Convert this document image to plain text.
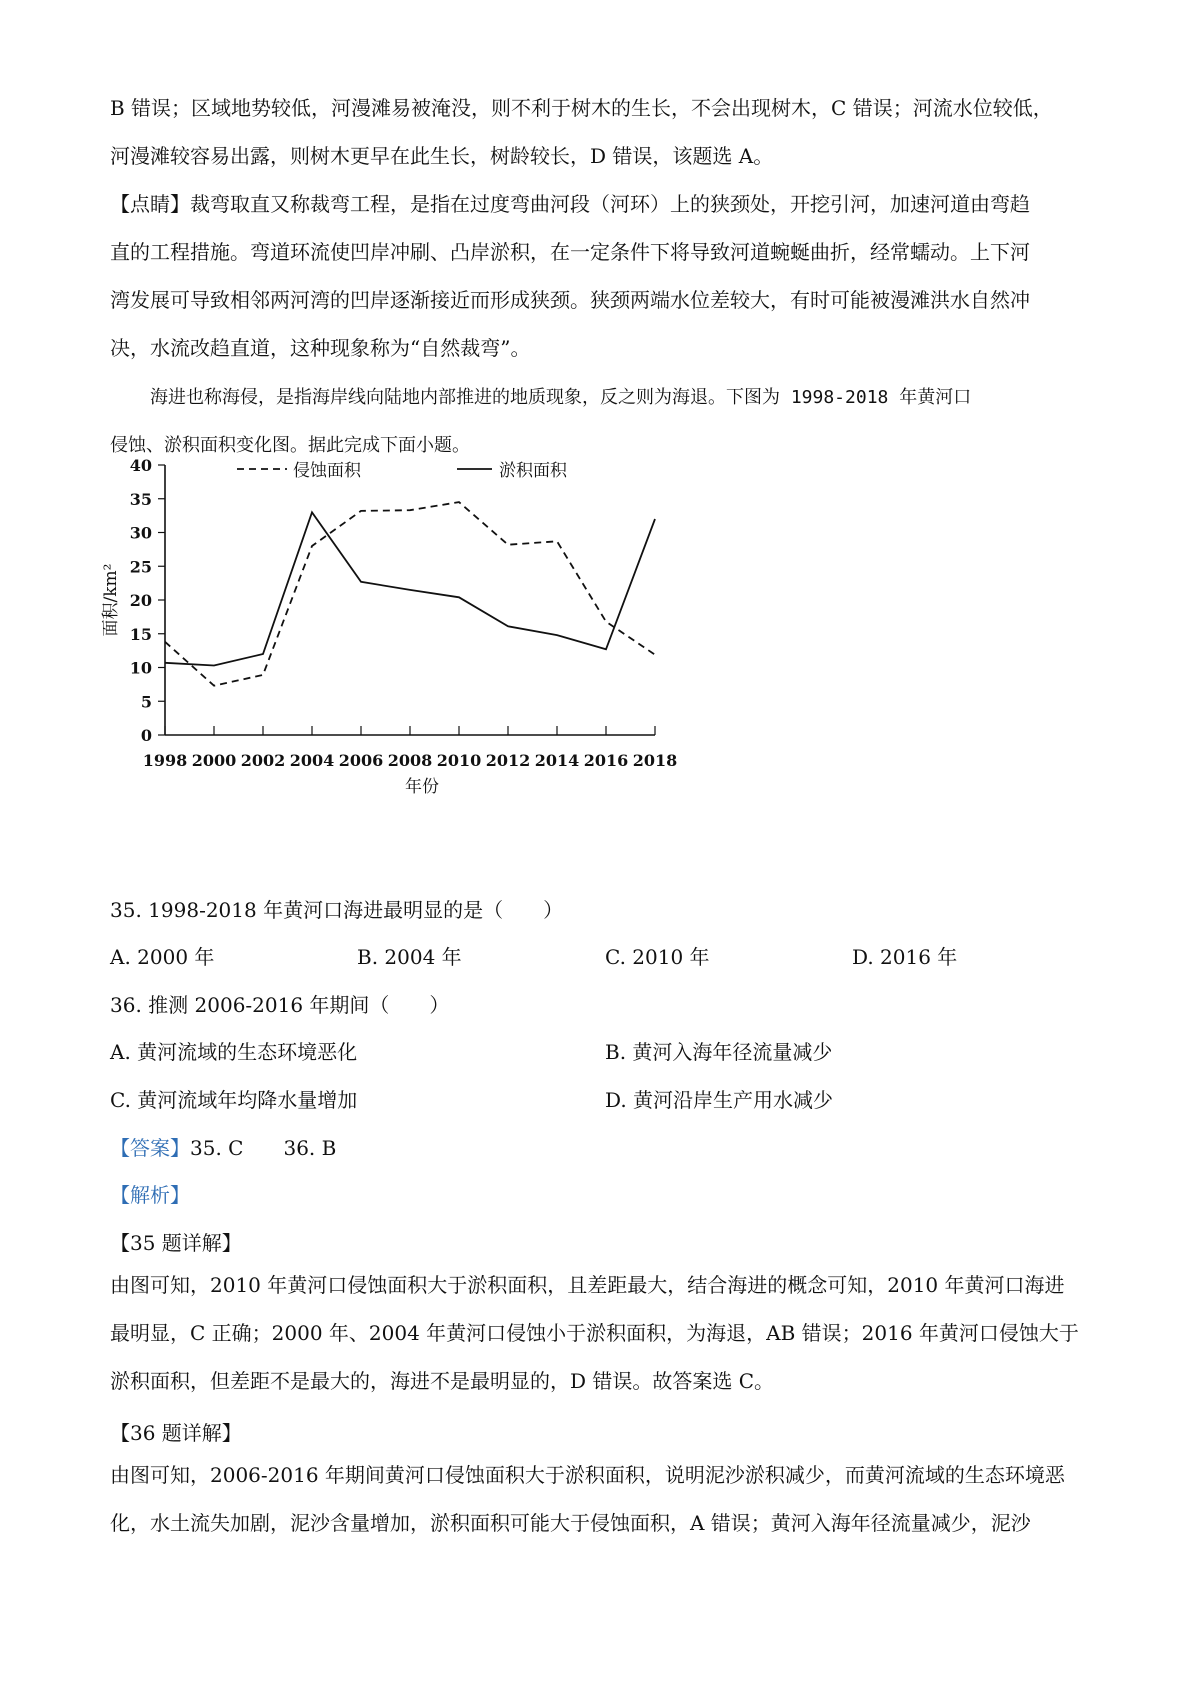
B 错误；区域地势较低，河漫滩易被淹没，则不利于树木的生长，不会出现树木，C 错误；河流水位较低，

河漫滩较容易出露，则树木更早在此生长，树龄较长，D 错误，该题选 A。

【点睛】裁弯取直又称裁弯工程，是指在过度弯曲河段（河环）上的狭颈处，开挖引河，加速河道由弯趋

直的工程措施。弯道环流使凹岸冲刷、凸岸淤积，在一定条件下将导致河道蜿蜒曲折，经常蠕动。上下河

湾发展可导致相邻两河湾的凹岸逐渐接近而形成狭颈。狭颈两端水位差较大，有时可能被漫滩洪水自然冲

决，水流改趋直道，这种现象称为“自然裁弯”。

海进也称海侵，是指海岸线向陆地内部推进的地质现象，反之则为海退。下图为 1998-2018 年黄河口

侵蚀、淤积面积变化图。据此完成下面小题。

侵蚀面积	淤积面积
0
5
10
15
20
25
30
35
40
1998 2000 2002 2004 2006 2008 2010 2012 2014 2016 2018
年份
面积/km²

35. 1998-2018 年黄河口海进最明显的是（　　）

A. 2000 年	B. 2004 年	C. 2010 年	D. 2016 年

36. 推测 2006-2016 年期间（　　）

A. 黄河流域的生态环境恶化	B. 黄河入海年径流量减少
C. 黄河流域年均降水量增加	D. 黄河沿岸生产用水减少

【答案】35. C 36. B

【解析】

【35 题详解】

由图可知，2010 年黄河口侵蚀面积大于淤积面积，且差距最大，结合海进的概念可知，2010 年黄河口海进

最明显，C 正确；2000 年、2004 年黄河口侵蚀小于淤积面积，为海退，AB 错误；2016 年黄河口侵蚀大于

淤积面积，但差距不是最大的，海进不是最明显的，D 错误。故答案选 C。

【36 题详解】

由图可知，2006-2016 年期间黄河口侵蚀面积大于淤积面积，说明泥沙淤积减少，而黄河流域的生态环境恶

化，水土流失加剧，泥沙含量增加，淤积面积可能大于侵蚀面积，A 错误；黄河入海年径流量减少，泥沙
